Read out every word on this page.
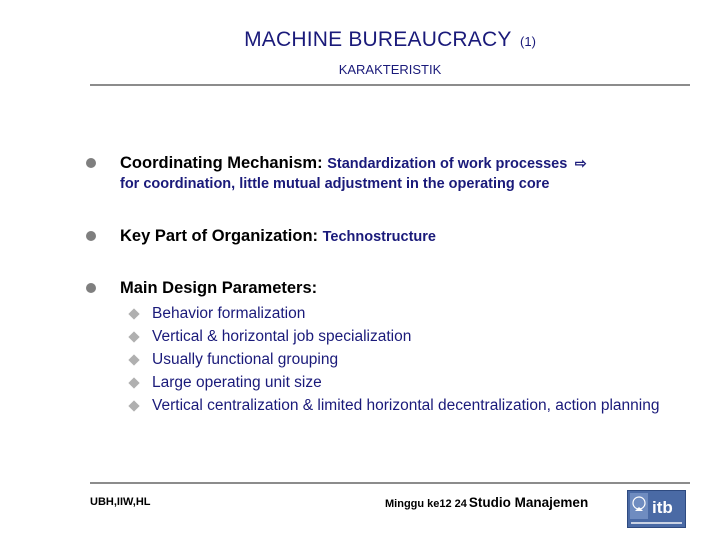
MACHINE BUREAUCRACY (1)
KARAKTERISTIK
Coordinating Mechanism: Standardization of work processes ⇨
for coordination, little mutual adjustment in the operating core
Key Part of Organization: Technostructure
Main Design Parameters:
Behavior formalization
Vertical & horizontal job specialization
Usually functional grouping
Large operating unit size
Vertical centralization & limited horizontal decentralization, action planning
UBH,IIW,HL	Minggu ke12 24 Studio Manajemen	itb
